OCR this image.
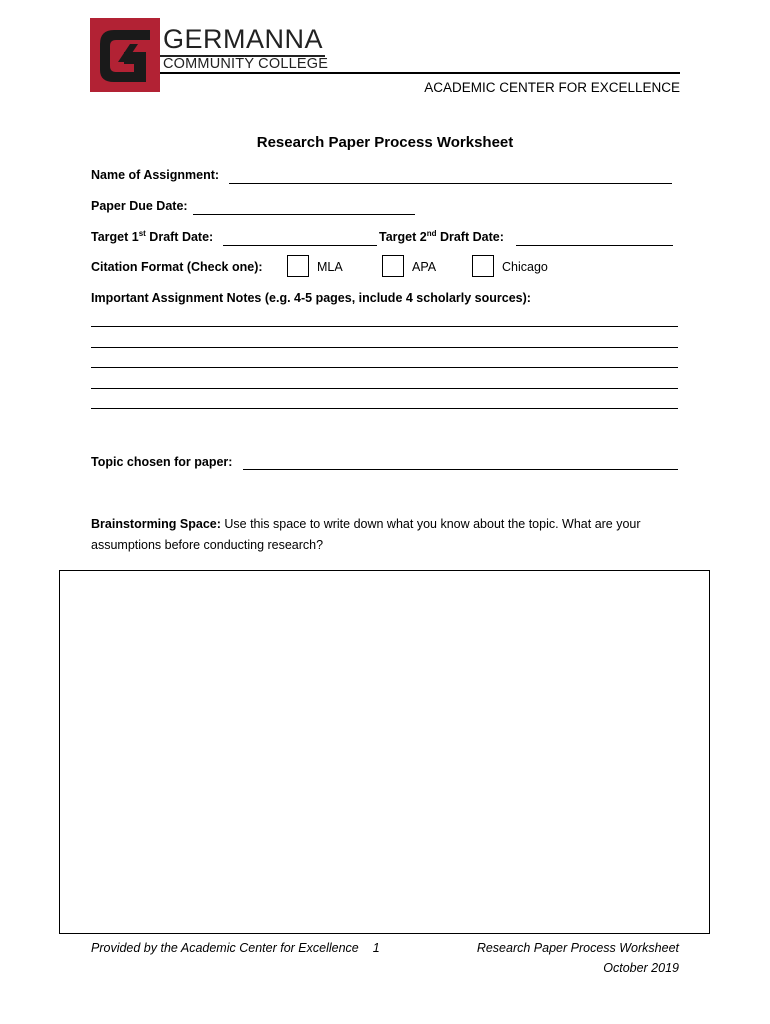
GERMANNA
COMMUNITY COLLEGE
ACADEMIC CENTER FOR EXCELLENCE
Research Paper Process Worksheet
Name of Assignment:
Paper Due Date:
Target 1st Draft Date:	Target 2nd Draft Date:
Citation Format (Check one):	MLA	APA	Chicago
Important Assignment Notes (e.g. 4-5 pages, include 4 scholarly sources):
Topic chosen for paper:
Brainstorming Space: Use this space to write down what you know about the topic. What are your assumptions before conducting research?
Provided by the Academic Center for Excellence 1	Research Paper Process Worksheet
October 2019
